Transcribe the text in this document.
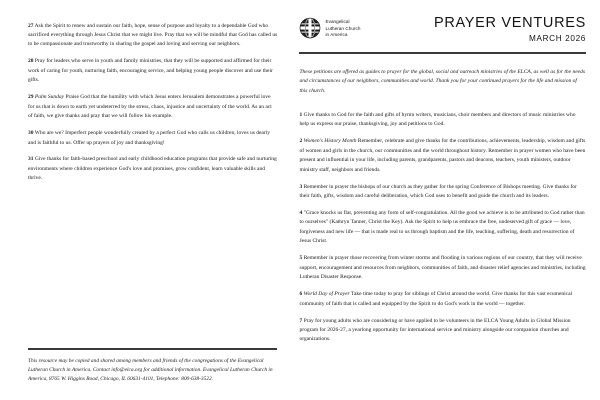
27 Ask the Spirit to renew and sustain our faith, hope, sense of purpose and loyalty to a dependable God who sacrificed everything through Jesus Christ that we might live. Pray that we will be mindful that God has called us to be compassionate and trustworthy in sharing the gospel and loving and serving our neighbors.

28 Pray for leaders who serve in youth and family ministries, that they will be supported and affirmed for their work of caring for youth, nurturing faith, encouraging service, and helping young people discover and use their gifts.

29 Palm Sunday Praise God that the humility with which Jesus enters Jerusalem demonstrates a powerful love for us that is down to earth yet undeterred by the stress, chaos, injustice and uncertainty of the world. As an act of faith, we give thanks and pray that we will follow his example.

30 Who are we? Imperfect people wonderfully created by a perfect God who calls us children, loves us dearly and is faithful to us. Offer up prayers of joy and thanksgiving!

31 Give thanks for faith-based preschool and early childhood education programs that provide safe and nurturing environments where children experience God's love and promises, grow confident, learn valuable skills and thrive.

This resource may be copied and shared among members and friends of the congregations of the Evangelical Lutheran Church in America. Contact info@elca.org for additional information. Evangelical Lutheran Church in America, 8765 W. Higgins Road, Chicago, IL 60631-4101, Telephone: 800-638-3522.

Evangelical
Lutheran Church
in America
PRAYER VENTURES
MARCH 2026

These petitions are offered as guides to prayer for the global, social and outreach ministries of the ELCA, as well as for the needs and circumstances of our neighbors, communities and world. Thank you for your continued prayers for the life and mission of this church.

1 Give thanks to God for the faith and gifts of hymn writers, musicians, choir members and directors of music ministries who help us express our praise, thanksgiving, joy and petitions to God.

2 Women's History Month Remember, celebrate and give thanks for the contributions, achievements, leadership, wisdom and gifts of women and girls in the church, our communities and the world throughout history. Remember in prayer women who have been present and influential in your life, including parents, grandparents, pastors and deacons, teachers, youth ministers, outdoor ministry staff, neighbors and friends.

3 Remember in prayer the bishops of our church as they gather for the spring Conference of Bishops meeting. Give thanks for their faith, gifts, wisdom and careful deliberation, which God uses to benefit and guide the church and its leaders.

4 "Grace knocks us flat, preventing any form of self-congratulation. All the good we achieve is to be attributed to God rather than to ourselves" (Kathryn Tanner, Christ the Key). Ask the Spirit to help us embrace the free, undeserved gift of grace — love, forgiveness and new life — that is made real to us through baptism and the life, teaching, suffering, death and resurrection of Jesus Christ.

5 Remember in prayer those recovering from winter storms and flooding in various regions of our country, that they will receive support, encouragement and resources from neighbors, communities of faith, and disaster relief agencies and ministries, including Lutheran Disaster Response.

6 World Day of Prayer Take time today to pray for siblings of Christ around the world. Give thanks for this vast ecumenical community of faith that is called and equipped by the Spirit to do God's work in the world — together.

7 Pray for young adults who are considering or have applied to be volunteers in the ELCA Young Adults in Global Mission program for 2026-27, a yearlong opportunity for international service and ministry alongside our companion churches and organizations.
